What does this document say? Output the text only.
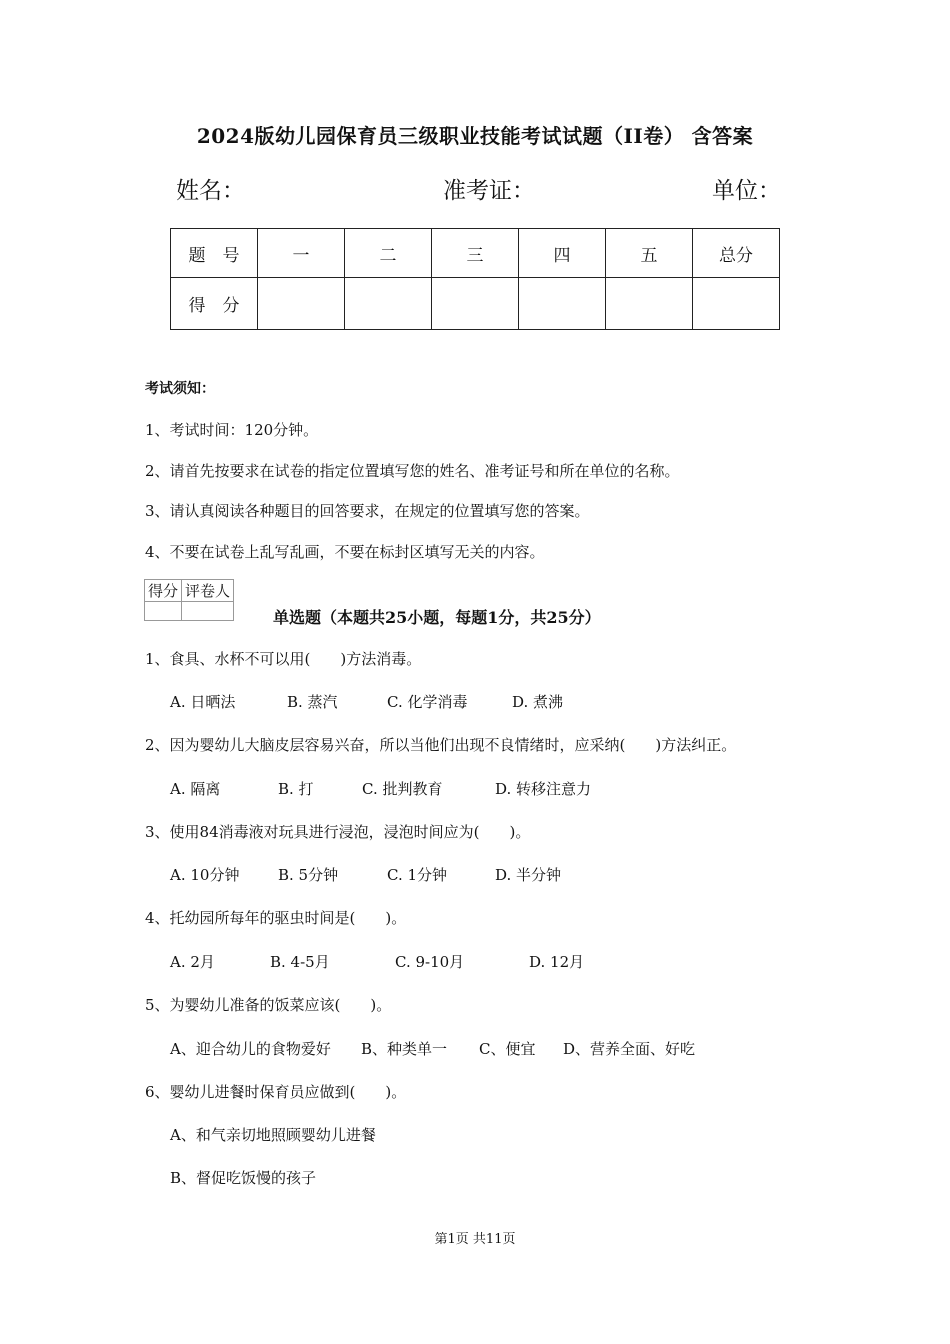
2024版幼儿园保育员三级职业技能考试试题（II卷） 含答案
姓名：	准考证：	单位：
题　号	一	二	三	四	五	总分
得　分						
考试须知：
1、考试时间：120分钟。
2、请首先按要求在试卷的指定位置填写您的姓名、准考证号和所在单位的名称。
3、请认真阅读各种题目的回答要求，在规定的位置填写您的答案。
4、不要在试卷上乱写乱画，不要在标封区填写无关的内容。
得分	评卷人

单选题（本题共25小题，每题1分，共25分）
1、食具、水杯不可以用(　　)方法消毒。
A. 日晒法	B. 蒸汽	C. 化学消毒	D. 煮沸
2、因为婴幼儿大脑皮层容易兴奋，所以当他们出现不良情绪时，应采纳(　　)方法纠正。
A. 隔离	B. 打	C. 批判教育	D. 转移注意力
3、使用84消毒液对玩具进行浸泡，浸泡时间应为(　　)。
A. 10分钟	B. 5分钟	C. 1分钟	D. 半分钟
4、托幼园所每年的驱虫时间是(　　)。
A. 2月	B. 4-5月	C. 9-10月	D. 12月
5、为婴幼儿准备的饭菜应该(　　)。
A、迎合幼儿的食物爱好 B、种类单一 C、便宜 D、营养全面、好吃
6、婴幼儿进餐时保育员应做到(　　)。
A、和气亲切地照顾婴幼儿进餐
B、督促吃饭慢的孩子
第1页 共11页
